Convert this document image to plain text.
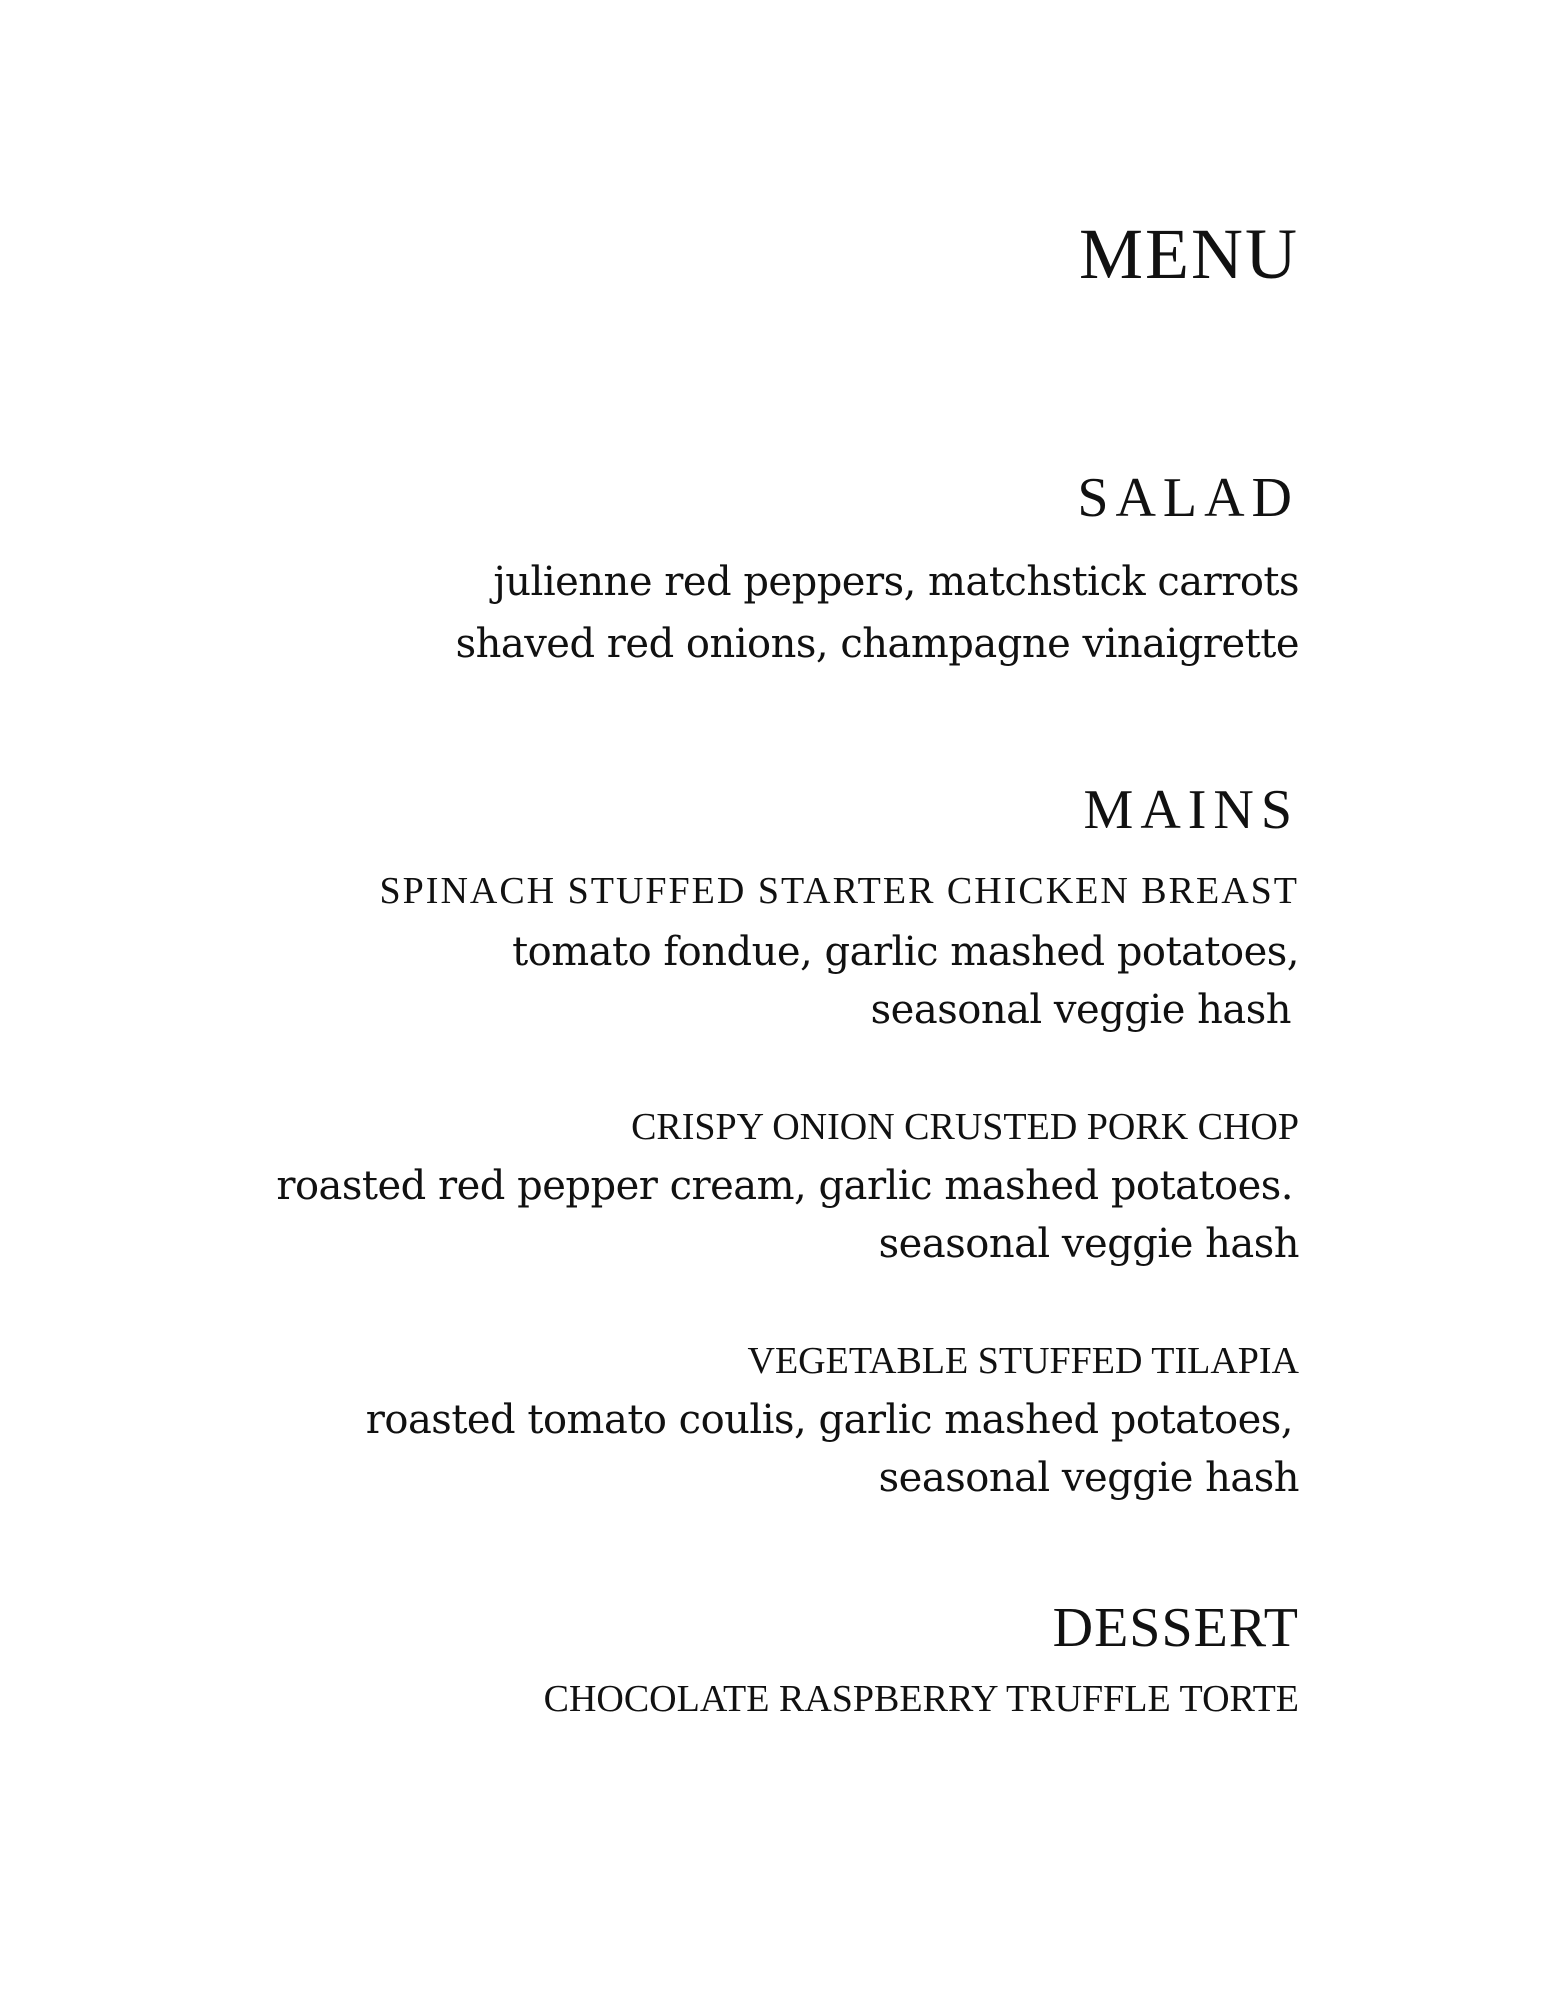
MENU
SALAD
julienne red peppers, matchstick carrots
shaved red onions, champagne vinaigrette
MAINS
SPINACH STUFFED STARTER CHICKEN BREAST
tomato fondue, garlic mashed potatoes,
seasonal veggie hash
CRISPY ONION CRUSTED PORK CHOP
roasted red pepper cream, garlic mashed potatoes.
seasonal veggie hash
VEGETABLE STUFFED TILAPIA
roasted tomato coulis, garlic mashed potatoes,
seasonal veggie hash
DESSERT
CHOCOLATE RASPBERRY TRUFFLE TORTE
